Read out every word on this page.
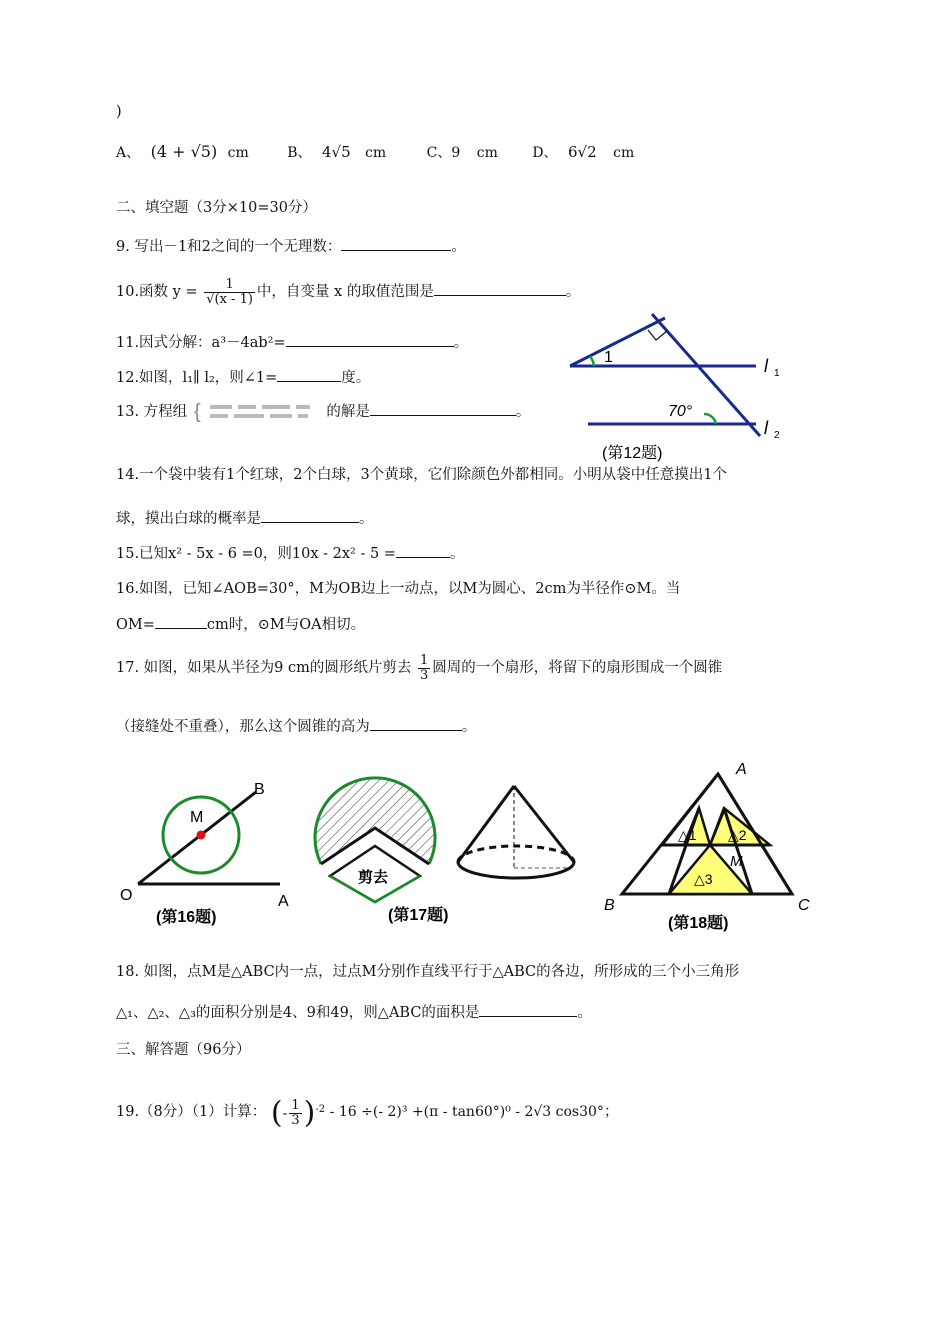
)
A、 (4 + √5) cm	B、 4√5 cm	C、9 cm D、 6√2 cm
二、填空题（3分×10=30分）
9. 写出－1和2之间的一个无理数：	。
10.函数 $y = \frac{1}{√(x - 1)}$ 中，自变量 x 的取值范围是	。
11.因式分解：a³－4ab²=	。
12.如图，l₁∥ l₂，则∠1=	度。
13. 方程组 {	的解是	。
1
70°
l 1
l 2
(第12题)
14.一个袋中装有1个红球，2个白球，3个黄球，它们除颜色外都相同。小明从袋中任意摸出1个
球，摸出白球的概率是	。
15.已知x² - 5x - 6 =0，则10x - 2x² - 5 =	。
16.如图，已知∠AOB=30°，M为OB边上一动点，以M为圆心、2cm为半径作⊙M。当
OM=	cm时，⊙M与OA相切。
17. 如图，如果从半径为9 cm的圆形纸片剪去 $\frac{1}{3}$ 圆周的一个扇形，将留下的扇形围成一个圆锥
（接缝处不重叠），那么这个圆锥的高为	。
B
M
O	A
(第16题)
剪去
(第17题)
A
B	C
M
△1 △2
△3
(第18题)
18. 如图，点M是△ABC内一点，过点M分别作直线平行于△ABC的各边，所形成的三个小三角形
△₁、△₂、△₃的面积分别是4、9和49，则△ABC的面积是	。
三、解答题（96分）
19.（8分）（1）计算： (- $\frac{1}{3} )^{-2} - 16$ ÷(- 2)³ +(π - tan60°)⁰ - 2√3 cos30°；
